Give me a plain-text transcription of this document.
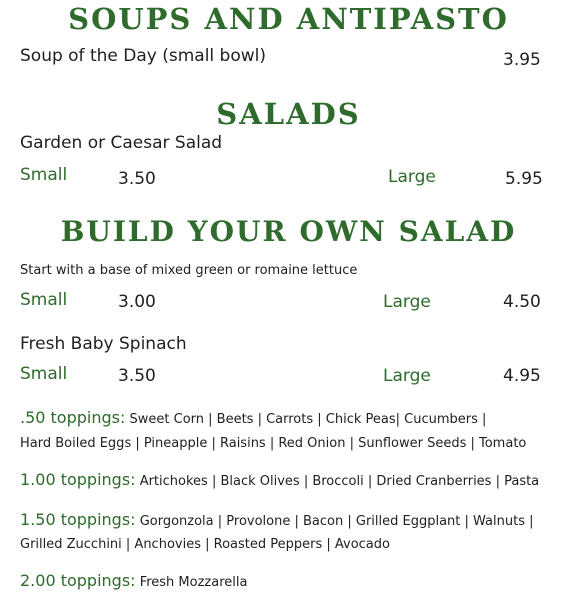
SOUPS AND ANTIPASTO
Soup of the Day (small bowl)	3.95
SALADS
Garden or Caesar Salad
Small	3.50	Large	5.95
BUILD YOUR OWN SALAD
Start with a base of mixed green or romaine lettuce
Small	3.00	Large	4.50
Fresh Baby Spinach
Small	3.50	Large	4.95
.50 toppings: Sweet Corn | Beets | Carrots | Chick Peas| Cucumbers |
Hard Boiled Eggs | Pineapple | Raisins | Red Onion | Sunflower Seeds | Tomato
1.00 toppings: Artichokes | Black Olives | Broccoli | Dried Cranberries | Pasta
1.50 toppings: Gorgonzola | Provolone | Bacon | Grilled Eggplant | Walnuts |
Grilled Zucchini | Anchovies | Roasted Peppers | Avocado
2.00 toppings: Fresh Mozzarella
